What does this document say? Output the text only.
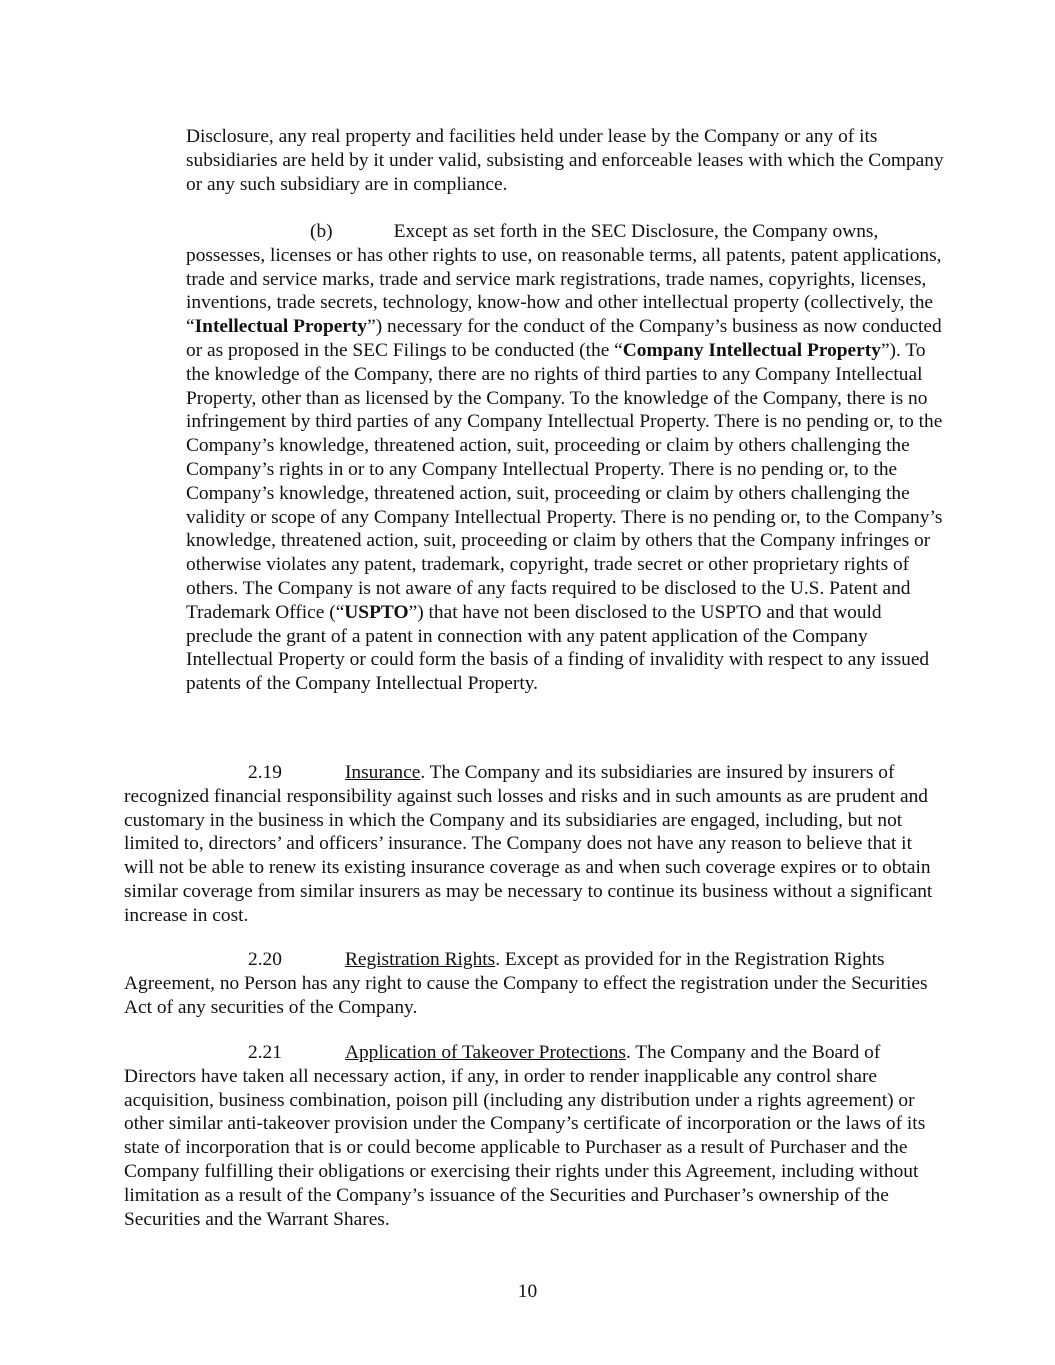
Disclosure, any real property and facilities held under lease by the Company or any of its subsidiaries are held by it under valid, subsisting and enforceable leases with which the Company or any such subsidiary are in compliance.

(b)	Except as set forth in the SEC Disclosure, the Company owns, possesses, licenses or has other rights to use, on reasonable terms, all patents, patent applications, trade and service marks, trade and service mark registrations, trade names, copyrights, licenses, inventions, trade secrets, technology, know-how and other intellectual property (collectively, the “Intellectual Property”) necessary for the conduct of the Company’s business as now conducted or as proposed in the SEC Filings to be conducted (the “Company Intellectual Property”). To the knowledge of the Company, there are no rights of third parties to any Company Intellectual Property, other than as licensed by the Company. To the knowledge of the Company, there is no infringement by third parties of any Company Intellectual Property. There is no pending or, to the Company’s knowledge, threatened action, suit, proceeding or claim by others challenging the Company’s rights in or to any Company Intellectual Property. There is no pending or, to the Company’s knowledge, threatened action, suit, proceeding or claim by others challenging the validity or scope of any Company Intellectual Property. There is no pending or, to the Company’s knowledge, threatened action, suit, proceeding or claim by others that the Company infringes or otherwise violates any patent, trademark, copyright, trade secret or other proprietary rights of others. The Company is not aware of any facts required to be disclosed to the U.S. Patent and Trademark Office (“USPTO”) that have not been disclosed to the USPTO and that would preclude the grant of a patent in connection with any patent application of the Company Intellectual Property or could form the basis of a finding of invalidity with respect to any issued patents of the Company Intellectual Property.

2.19	Insurance. The Company and its subsidiaries are insured by insurers of recognized financial responsibility against such losses and risks and in such amounts as are prudent and customary in the business in which the Company and its subsidiaries are engaged, including, but not limited to, directors’ and officers’ insurance. The Company does not have any reason to believe that it will not be able to renew its existing insurance coverage as and when such coverage expires or to obtain similar coverage from similar insurers as may be necessary to continue its business without a significant increase in cost.

2.20	Registration Rights. Except as provided for in the Registration Rights Agreement, no Person has any right to cause the Company to effect the registration under the Securities Act of any securities of the Company.

2.21	Application of Takeover Protections. The Company and the Board of Directors have taken all necessary action, if any, in order to render inapplicable any control share acquisition, business combination, poison pill (including any distribution under a rights agreement) or other similar anti-takeover provision under the Company’s certificate of incorporation or the laws of its state of incorporation that is or could become applicable to Purchaser as a result of Purchaser and the Company fulfilling their obligations or exercising their rights under this Agreement, including without limitation as a result of the Company’s issuance of the Securities and Purchaser’s ownership of the Securities and the Warrant Shares.

10
